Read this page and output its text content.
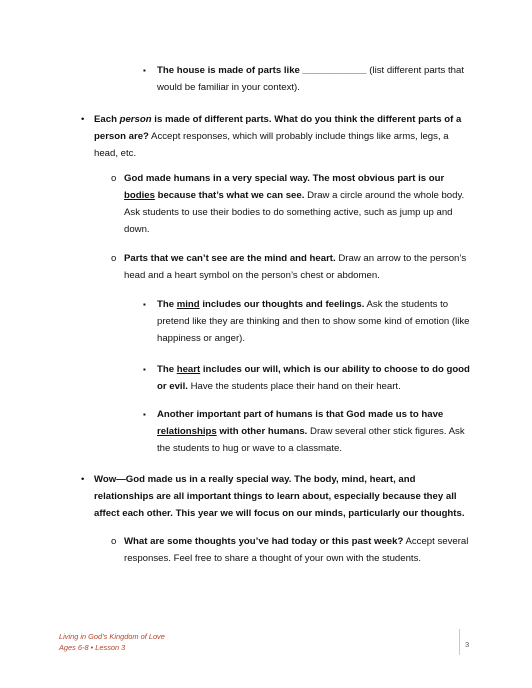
▪ The house is made of parts like ____________ (list different parts that would be familiar in your context).
• Each person is made of different parts. What do you think the different parts of a person are? Accept responses, which will probably include things like arms, legs, a head, etc.
o God made humans in a very special way. The most obvious part is our bodies because that’s what we can see. Draw a circle around the whole body. Ask students to use their bodies to do something active, such as jump up and down.
o Parts that we can’t see are the mind and heart. Draw an arrow to the person’s head and a heart symbol on the person’s chest or abdomen.
▪ The mind includes our thoughts and feelings. Ask the students to pretend like they are thinking and then to show some kind of emotion (like happiness or anger).
▪ The heart includes our will, which is our ability to choose to do good or evil. Have the students place their hand on their heart.
▪ Another important part of humans is that God made us to have relationships with other humans. Draw several other stick figures. Ask the students to hug or wave to a classmate.
• Wow—God made us in a really special way. The body, mind, heart, and relationships are all important things to learn about, especially because they all affect each other. This year we will focus on our minds, particularly our thoughts.
o What are some thoughts you’ve had today or this past week? Accept several responses. Feel free to share a thought of your own with the students.
Living in God’s Kingdom of Love
Ages 6-8 • Lesson 3	3
